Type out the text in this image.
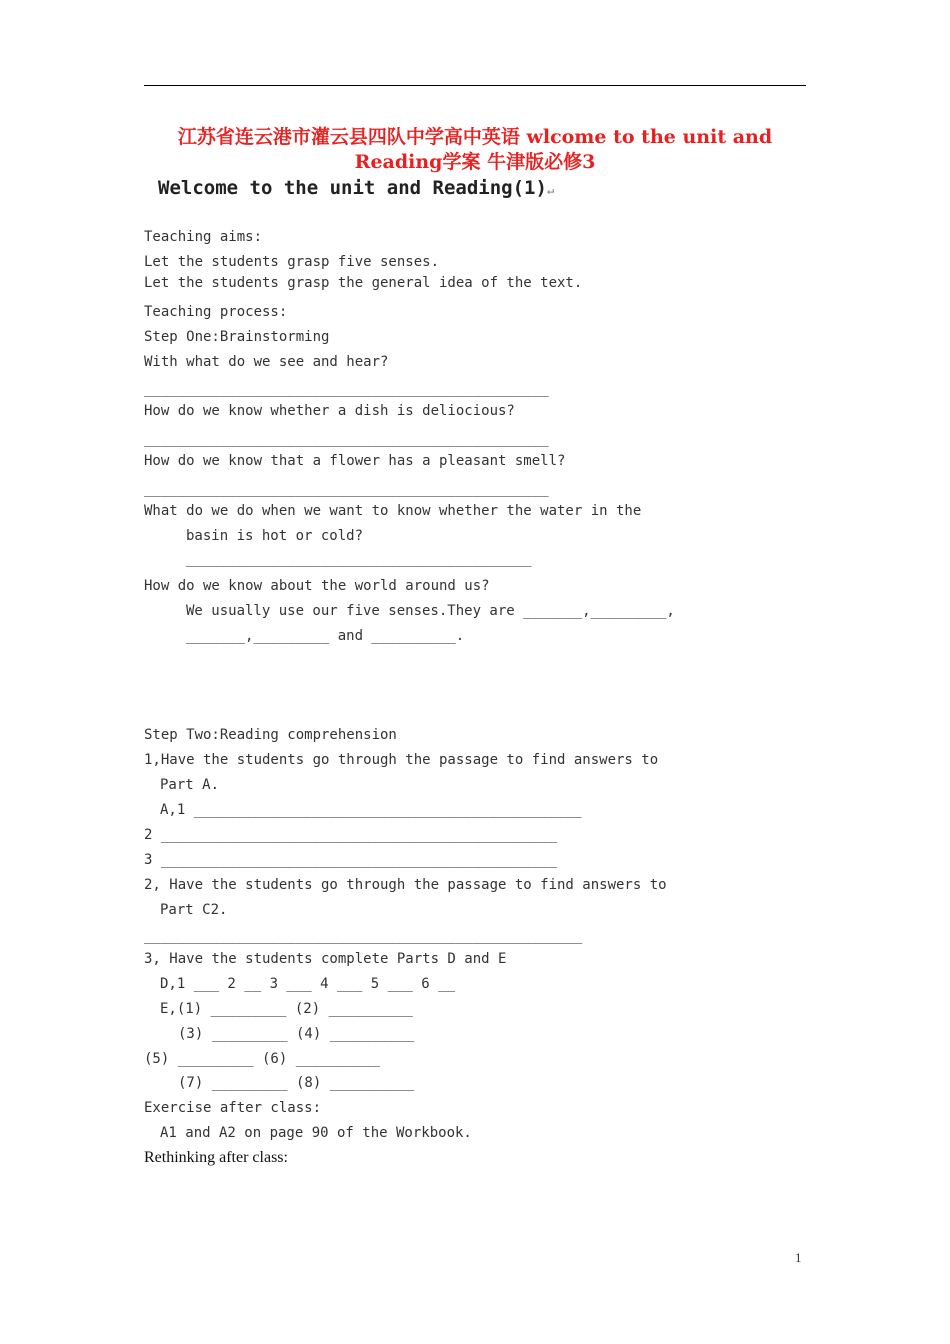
江苏省连云港市灌云县四队中学高中英语 wlcome to the unit and Reading学案 牛津版必修3
Welcome to the unit and Reading(1)↵
Teaching aims:
Let the students grasp five senses.
Let the students grasp the general idea of the text.
Teaching process:
Step One:Brainstorming
With what do we see and hear?
________________________________________________
How do we know whether a dish is deliocious?
________________________________________________
How do we know that a flower has a pleasant smell?
________________________________________________
What do we do when we want to know whether the water in the
basin is hot or cold?
_________________________________________
How do we know about the world around us?
We usually use our five senses.They are _______,_________,
_______,_________ and __________.
Step Two:Reading comprehension
1,Have the students go through the passage to find answers to
Part A.
A,1 ______________________________________________
2 _______________________________________________
3 _______________________________________________
2, Have the students go through the passage to find answers to
Part C2.
____________________________________________________
3, Have the students complete Parts D and E
D,1 ___ 2 __ 3 ___ 4 ___ 5 ___ 6 __
E,(1) _________ (2) __________
(3) _________ (4) __________
(5) _________ (6) __________
(7) _________ (8) __________
Exercise after class:
A1 and A2 on page 90 of the Workbook.
Rethinking after class:
1
